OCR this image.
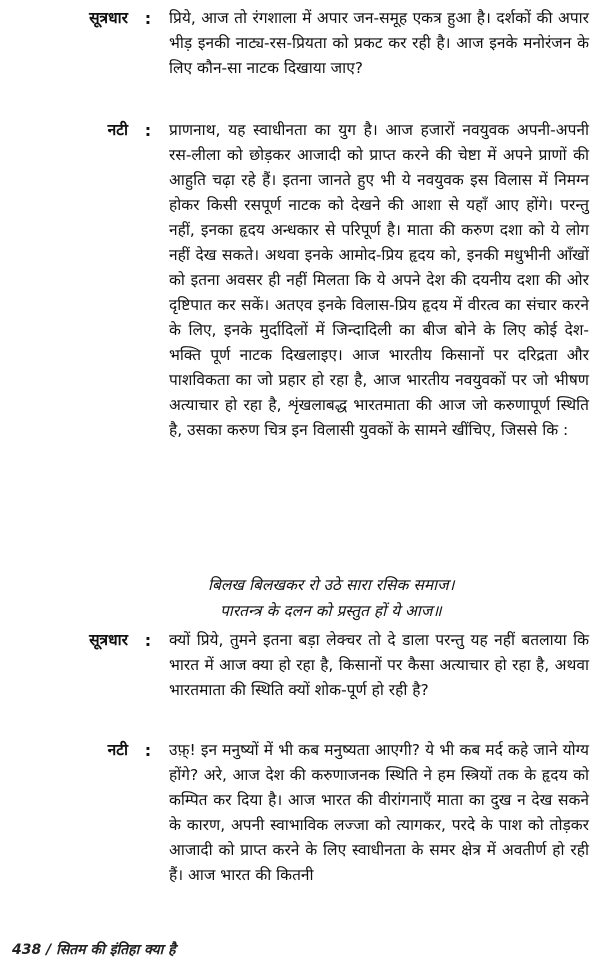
सूत्रधार	:	प्रिये, आज तो रंगशाला में अपार जन-समूह एकत्र हुआ है। दर्शकों की अपार भीड़ इनकी नाट्य-रस-प्रियता को प्रकट कर रही है। आज इनके मनोरंजन के लिए कौन-सा नाटक दिखाया जाए?
नटी	:	प्राणनाथ, यह स्वाधीनता का युग है। आज हजारों नवयुवक अपनी-अपनी रस-लीला को छोड़कर आजादी को प्राप्त करने की चेष्टा में अपने प्राणों की आहुति चढ़ा रहे हैं। इतना जानते हुए भी ये नवयुवक इस विलास में निमग्न होकर किसी रसपूर्ण नाटक को देखने की आशा से यहाँ आए होंगे। परन्तु नहीं, इनका हृदय अन्धकार से परिपूर्ण है। माता की करुण दशा को ये लोग नहीं देख सकते। अथवा इनके आमोद-प्रिय हृदय को, इनकी मधुभीनी आँखों को इतना अवसर ही नहीं मिलता कि ये अपने देश की दयनीय दशा की ओर दृष्टिपात कर सकें। अतएव इनके विलास-प्रिय हृदय में वीरत्व का संचार करने के लिए, इनके मुर्दादिलों में जिन्दादिली का बीज बोने के लिए कोई देश-भक्ति पूर्ण नाटक दिखलाइए। आज भारतीय किसानों पर दरिद्रता और पाशविकता का जो प्रहार हो रहा है, आज भारतीय नवयुवकों पर जो भीषण अत्याचार हो रहा है, शृंखलाबद्ध भारतमाता की आज जो करुणापूर्ण स्थिति है, उसका करुण चित्र इन विलासी युवकों के सामने खींचिए, जिससे कि :
बिलख बिलखकर रो उठे सारा रसिक समाज।
पारतन्त्र के दलन को प्रस्तुत हों ये आज॥
सूत्रधार	:	क्यों प्रिये, तुमने इतना बड़ा लेक्चर तो दे डाला परन्तु यह नहीं बतलाया कि भारत में आज क्या हो रहा है, किसानों पर कैसा अत्याचार हो रहा है, अथवा भारतमाता की स्थिति क्यों शोक-पूर्ण हो रही है?
नटी	:	उफ़्! इन मनुष्यों में भी कब मनुष्यता आएगी? ये भी कब मर्द कहे जाने योग्य होंगे? अरे, आज देश की करुणाजनक स्थिति ने हम स्त्रियों तक के हृदय को कम्पित कर दिया है। आज भारत की वीरांगनाएँ माता का दुख न देख सकने के कारण, अपनी स्वाभाविक लज्जा को त्यागकर, परदे के पाश को तोड़कर आजादी को प्राप्त करने के लिए स्वाधीनता के समर क्षेत्र में अवतीर्ण हो रही हैं। आज भारत की कितनी
438 / सितम की इंतिहा क्या है
